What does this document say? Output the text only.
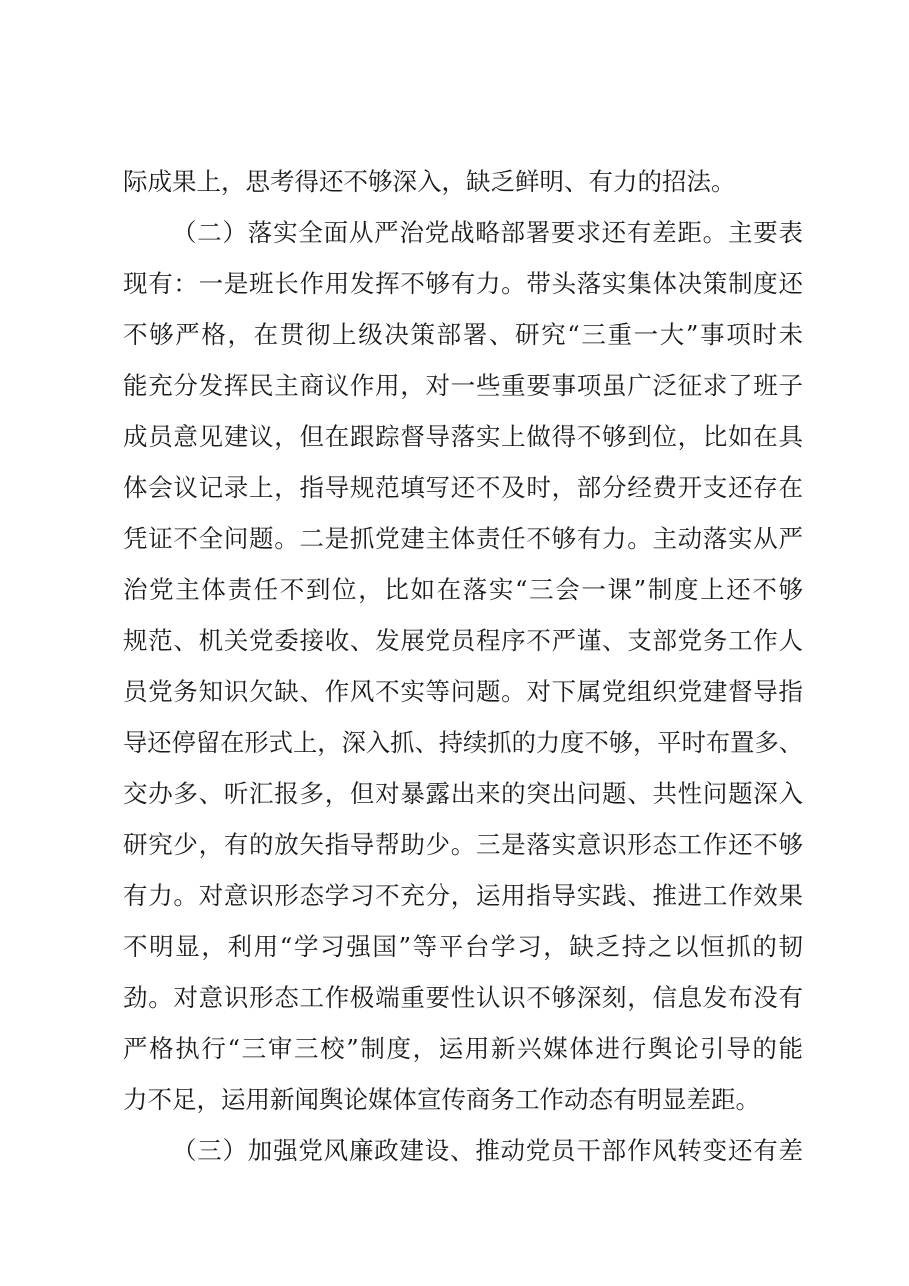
际成果上，思考得还不够深入，缺乏鲜明、有力的招法。
（二）落实全面从严治党战略部署要求还有差距。主要表
现有：一是班长作用发挥不够有力。带头落实集体决策制度还
不够严格，在贯彻上级决策部署、研究“三重一大”事项时未
能充分发挥民主商议作用，对一些重要事项虽广泛征求了班子
成员意见建议，但在跟踪督导落实上做得不够到位，比如在具
体会议记录上，指导规范填写还不及时，部分经费开支还存在
凭证不全问题。二是抓党建主体责任不够有力。主动落实从严
治党主体责任不到位，比如在落实“三会一课”制度上还不够
规范、机关党委接收、发展党员程序不严谨、支部党务工作人
员党务知识欠缺、作风不实等问题。对下属党组织党建督导指
导还停留在形式上，深入抓、持续抓的力度不够，平时布置多、
交办多、听汇报多，但对暴露出来的突出问题、共性问题深入
研究少，有的放矢指导帮助少。三是落实意识形态工作还不够
有力。对意识形态学习不充分，运用指导实践、推进工作效果
不明显，利用“学习强国”等平台学习，缺乏持之以恒抓的韧
劲。对意识形态工作极端重要性认识不够深刻，信息发布没有
严格执行“三审三校”制度，运用新兴媒体进行舆论引导的能
力不足，运用新闻舆论媒体宣传商务工作动态有明显差距。
（三）加强党风廉政建设、推动党员干部作风转变还有差
